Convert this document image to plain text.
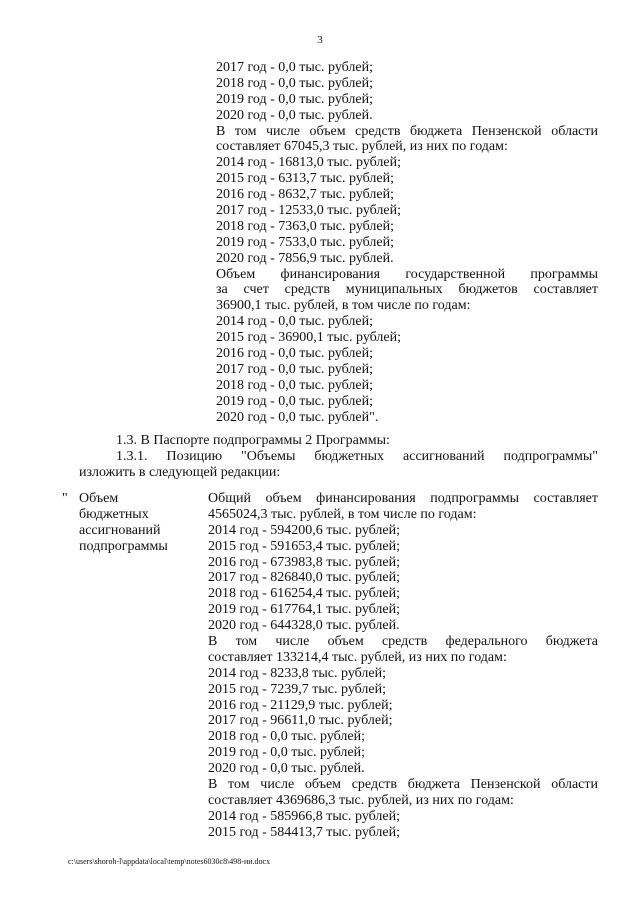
3
2017 год - 0,0 тыс. рублей;
2018 год - 0,0 тыс. рублей;
2019 год - 0,0 тыс. рублей;
2020 год - 0,0 тыс. рублей.
В том числе объем средств бюджета Пензенской области
составляет 67045,3 тыс. рублей, из них по годам:
2014 год - 16813,0 тыс. рублей;
2015 год - 6313,7 тыс. рублей;
2016 год - 8632,7 тыс. рублей;
2017 год - 12533,0 тыс. рублей;
2018 год - 7363,0 тыс. рублей;
2019 год - 7533,0 тыс. рублей;
2020 год - 7856,9 тыс. рублей.
Объем финансирования государственной программы
за счет средств муниципальных бюджетов составляет
36900,1 тыс. рублей, в том числе по годам:
2014 год - 0,0 тыс. рублей;
2015 год - 36900,1 тыс. рублей;
2016 год - 0,0 тыс. рублей;
2017 год - 0,0 тыс. рублей;
2018 год - 0,0 тыс. рублей;
2019 год - 0,0 тыс. рублей;
2020 год - 0,0 тыс. рублей".
1.3. В Паспорте подпрограммы 2 Программы:
1.3.1. Позицию "Объемы бюджетных ассигнований подпрограммы"
изложить в следующей редакции:
" Объем
бюджетных
ассигнований
подпрограммы
Общий объем финансирования подпрограммы составляет
4565024,3 тыс. рублей, в том числе по годам:
2014 год - 594200,6 тыс. рублей;
2015 год - 591653,4 тыс. рублей;
2016 год - 673983,8 тыс. рублей;
2017 год - 826840,0 тыс. рублей;
2018 год - 616254,4 тыс. рублей;
2019 год - 617764,1 тыс. рублей;
2020 год - 644328,0 тыс. рублей.
В том числе объем средств федерального бюджета
составляет 133214,4 тыс. рублей, из них по годам:
2014 год - 8233,8 тыс. рублей;
2015 год - 7239,7 тыс. рублей;
2016 год - 21129,9 тыс. рублей;
2017 год - 96611,0 тыс. рублей;
2018 год - 0,0 тыс. рублей;
2019 год - 0,0 тыс. рублей;
2020 год - 0,0 тыс. рублей.
В том числе объем средств бюджета Пензенской области
составляет 4369686,3 тыс. рублей, из них по годам:
2014 год - 585966,8 тыс. рублей;
2015 год - 584413,7 тыс. рублей;
c:\users\shoroh-l\appdata\local\temp\notes6030c8\498-ии.docx
